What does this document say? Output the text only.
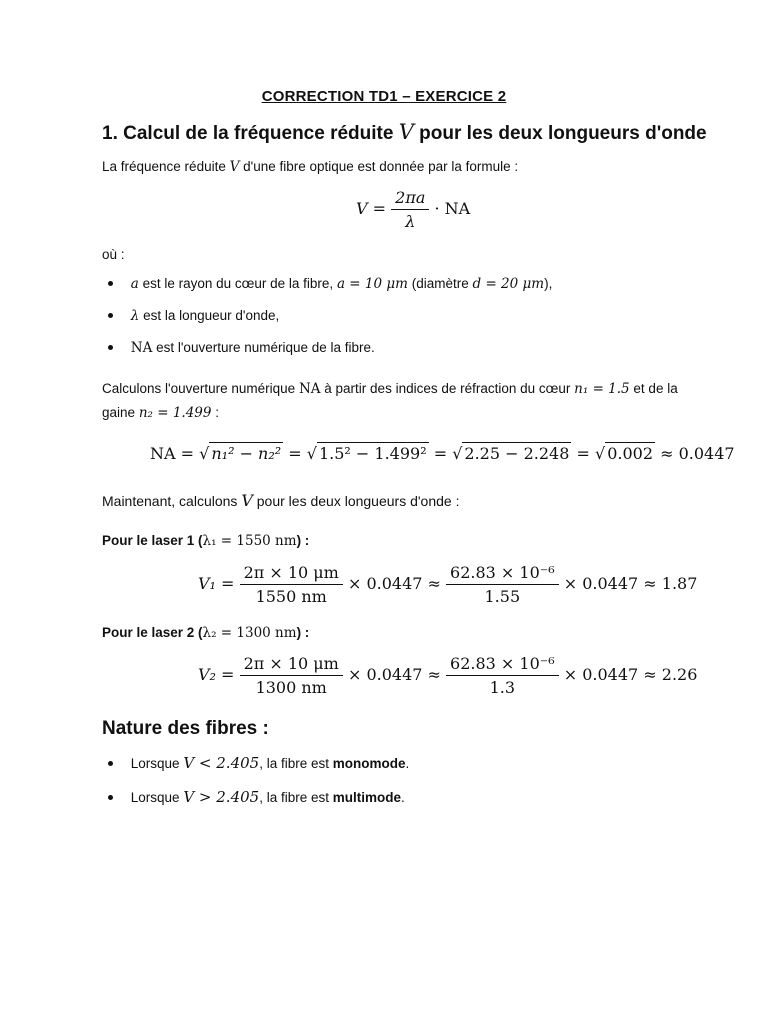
CORRECTION TD1 – EXERCICE 2
1. Calcul de la fréquence réduite V pour les deux longueurs d'onde
La fréquence réduite V d'une fibre optique est donnée par la formule :
$V = \frac{2\pi a}{\lambda}$ · NA
où :
a est le rayon du cœur de la fibre, a = 10 μm (diamètre d = 20 μm),
λ est la longueur d'onde,
NA est l'ouverture numérique de la fibre.
Calculons l'ouverture numérique NA à partir des indices de réfraction du cœur n₁ = 1.5 et de la
gaine n₂ = 1.499 :
NA = √ n₁² − n₂² = √ 1.5² − 1.499² = √ 2.25 − 2.248 = √ 0.002 ≈ 0.0447
Maintenant, calculons V pour les deux longueurs d'onde :
Pour le laser 1 (λ₁ = 1550 nm) :
$V_1 = \frac{2\pi \times 10 \mu m}{1550 nm} \times 0.0447 \approx \frac{\text{62.83 × 10⁻⁶}}{1.55} \times 0.0447 \approx 1.87$
Pour le laser 2 (λ₂ = 1300 nm) :
$V_2 = \frac{2\pi \times 10 \mu m}{1300 nm} \times 0.0447 \approx \frac{\text{62.83 × 10⁻⁶}}{1.3} \times 0.0447 \approx 2.26$
Nature des fibres :
Lorsque V < 2.405, la fibre est monomode.
Lorsque V > 2.405, la fibre est multimode.
